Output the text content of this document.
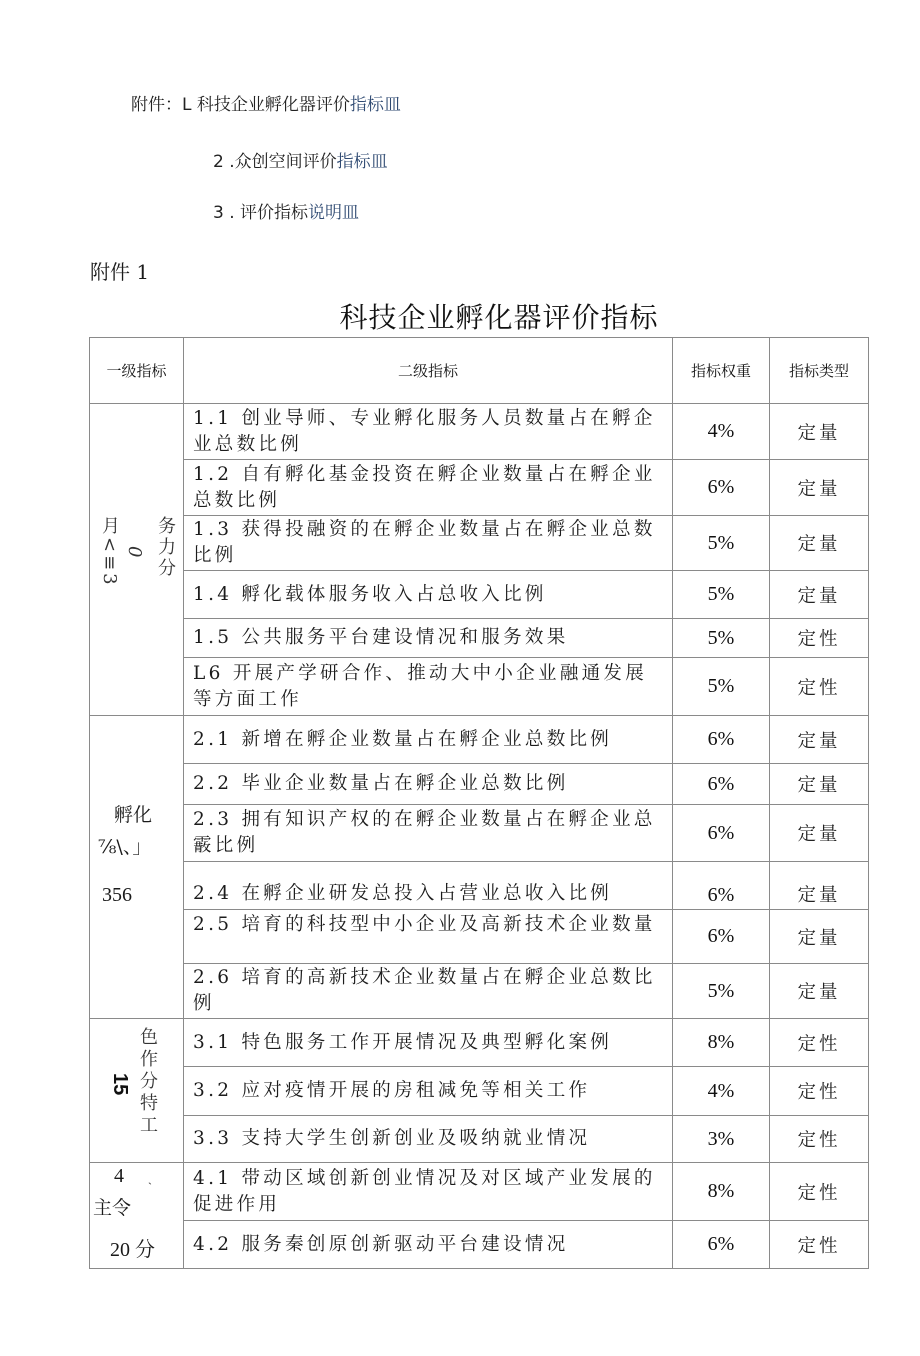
附件：L 科技企业孵化器评价指标皿
2 .众创空间评价指标皿
3 . 评价指标说明皿
附件 1
科技企业孵化器评价指标
一级指标	二级指标	指标权重	指标类型

务力分
0
月<≡3	1.1 创业导师、专业孵化服务人员数量占在孵企业总数比例	4%	定量
	1.2 自有孵化基金投资在孵企业数量占在孵企业总数比例	6%	定量
	1.3 获得投融资的在孵企业数量占在孵企业总数比例	5%	定量
	1.4 孵化载体服务收入占总收入比例	5%	定量
	1.5 公共服务平台建设情况和服务效果	5%	定性
	L6 开展产学研合作、推动大中小企业融通发展等方面工作	5%	定性

孵化
⅞\、」
356	2.1 新增在孵企业数量占在孵企业总数比例	6%	定量
	2.2 毕业企业数量占在孵企业总数比例	6%	定量
	2.3 拥有知识产权的在孵企业数量占在孵企业总霰比例	6%	定量
	2.4 在孵企业研发总投入占营业总收入比例	6%	定量
	2.5 培育的科技型中小企业及高新技术企业数量	6%	定量
	2.6 培育的高新技术企业数量占在孵企业总数比例	5%	定量

色作分特工
15	3.1 特色服务工作开展情况及典型孵化案例	8%	定性
	3.2 应对疫情开展的房租减免等相关工作	4%	定性
	3.3 支持大学生创新创业及吸纳就业情况	3%	定性

4 ˏ
主令
20 分	4.1 带动区域创新创业情况及对区域产业发展的促进作用	8%	定性
	4.2 服务秦创原创新驱动平台建设情况	6%	定性
